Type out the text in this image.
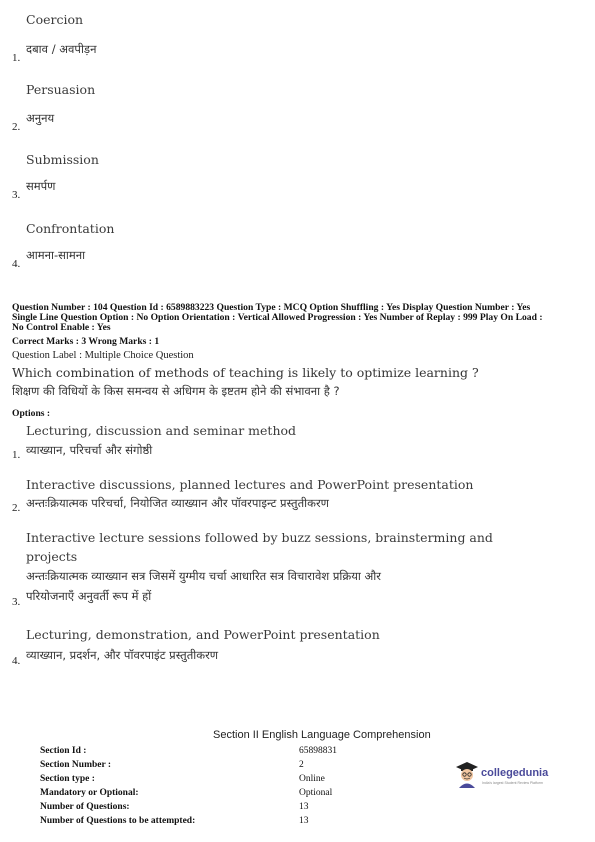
Coercion
1.
दबाव / अवपीड़न
Persuasion
2.
अनुनय
Submission
3.
समर्पण
Confrontation
4.
आमना-सामना
Question Number : 104 Question Id : 6589883223 Question Type : MCQ Option Shuffling : Yes Display Question Number : Yes
Single Line Question Option : No Option Orientation : Vertical Allowed Progression : Yes Number of Replay : 999 Play On Load :
No Control Enable : Yes
Correct Marks : 3 Wrong Marks : 1
Question Label : Multiple Choice Question
Which combination of methods of teaching is likely to optimize learning ?
शिक्षण की विधियों के किस समन्वय से अधिगम के इष्टतम होने की संभावना है ?
Options :
Lecturing, discussion and seminar method
1. व्याख्यान, परिचर्चा और संगोष्ठी
Interactive discussions, planned lectures and PowerPoint presentation
2. अन्तःक्रियात्मक परिचर्चा, नियोजित व्याख्यान और पॉवरपाइन्ट प्रस्तुतीकरण
Interactive lecture sessions followed by buzz sessions, brainsterming and
projects
अन्तःक्रियात्मक व्याख्यान सत्र जिसमें युग्मीय चर्चा आधारित सत्र विचारावेश प्रक्रिया और
3. परियोजनाएँ अनुवर्ती रूप में हों
Lecturing, demonstration, and PowerPoint presentation
4. व्याख्यान, प्रदर्शन, और पॉवरपाइंट प्रस्तुतीकरण
Section II English Language Comprehension
Section Id :	65898831
Section Number :	2
Section type :	Online
Mandatory or Optional:	Optional
Number of Questions:	13
Number of Questions to be attempted:	13
collegedunia
India's largest Student Review Platform
